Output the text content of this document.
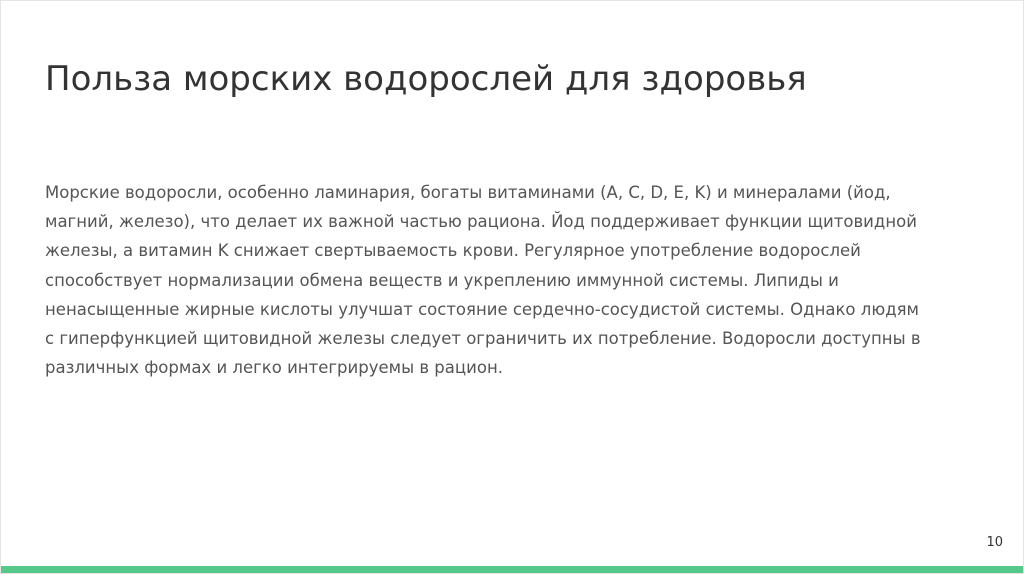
Польза морских водорослей для здоровья

Морские водоросли, особенно ламинария, богаты витаминами (A, C, D, E, K) и минералами (йод,
магний, железо), что делает их важной частью рациона. Йод поддерживает функции щитовидной
железы, а витамин K снижает свертываемость крови. Регулярное употребление водорослей
способствует нормализации обмена веществ и укреплению иммунной системы. Липиды и
ненасыщенные жирные кислоты улучшат состояние сердечно-сосудистой системы. Однако людям
с гиперфункцией щитовидной железы следует ограничить их потребление. Водоросли доступны в
различных формах и легко интегрируемы в рацион.

10
